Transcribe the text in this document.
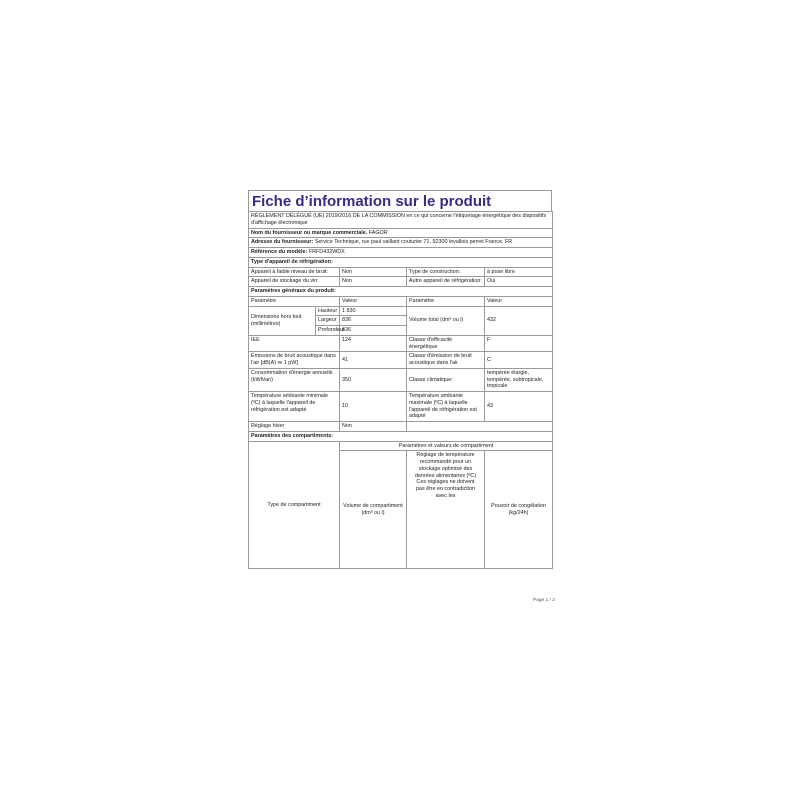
Fiche d’information sur le produit
RÈGLEMENT DÉLÉGUÉ (UE) 2019/2016 DE LA COMMISSION en ce qui concerne l'étiquetage énergétique des dispositifs d'affichage électronique					
Nom du fournisseur ou marque commerciale. FAGOR					
Adresse du fournisseur: Service Technique, rue paul vaillant couturier 71, 92300 levallois perret France, FR					
Référence du modèle: FRFD432WDX					
Type d'appareil de réfrigération:					
Appareil à faible niveau de bruit:		Non	Type de construction:	à pose libre	
Appareil de stockage du vin:		Non	Autre appareil de réfrigération:	Oui	
Paramètres généraux du produit:					
Paramètre		Valeur	Paramètre	Valeur	
Dimensions hors tout (millimètres)	Hauteur	1 830	Volume total (dm³ ou l)	432	
	Largeur	836			
	Profondeur	636			
IEE		124	Classe d'efficacité énergétique	F	
Émissions de bruit acoustique dans l'air [dB(A) re 1 pW]		41	Classe d'émission de bruit acoustique dans l'air	C	
Consommation d'énergie annuelle (kWh/an)		350	Classe climatique:	tempérée élargie, tempérée, subtropicale, tropicale	
Température ambiante minimale (ºC) à laquelle l'appareil de réfrigération est adapté		10	Température ambiante maximale (ºC) à laquelle l'appareil de réfrigération est adapté	43	
Réglage hiver		Non			
Paramètres des compartiments:					
Type de compartiment		Paramètres et valeurs de compartiment			
		Volume de compartiment (dm³ ou l)	Réglage de température recommandé pour un stockage optimisé des denrées alimentaires (ºC) Ces réglages ne doivent pas être en contradiction avec les	Pouvoir de congélation (kg/24h)	
Page 1 / 2
